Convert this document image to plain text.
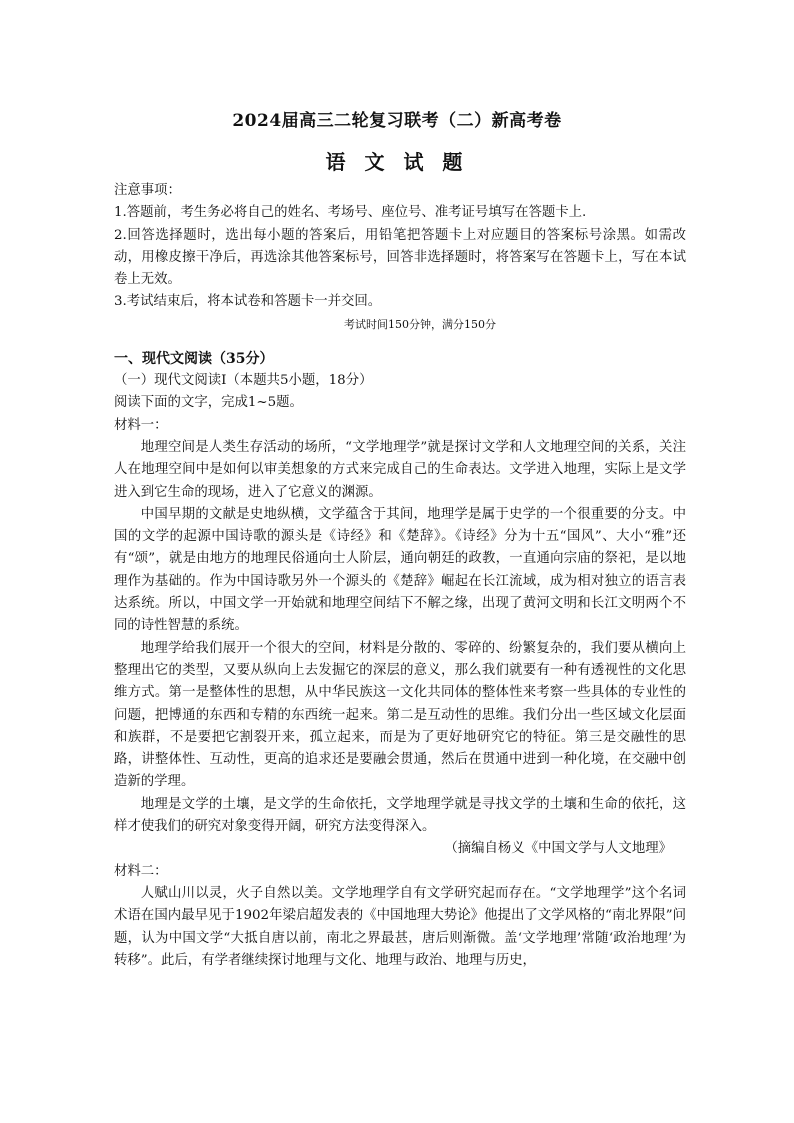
2024届高三二轮复习联考（二）新高考卷
语 文 试 题

注意事项：

1.答题前，考生务必将自己的姓名、考场号、座位号、准考证号填写在答题卡上.

2.回答选择题时，选出每小题的答案后，用铅笔把答题卡上对应题目的答案标号涂黑。如需改动，用橡皮擦干净后，再选涂其他答案标号，回答非选择题时，将答案写在答题卡上，写在本试卷上无效。

3.考试结束后，将本试卷和答题卡一并交回。

考试时间150分钟，满分150分

一、现代文阅读（35分）

（一）现代文阅读Ⅰ（本题共5小题，18分）

阅读下面的文字，完成1~5题。

材料一：

地理空间是人类生存活动的场所，“文学地理学”就是探讨文学和人文地理空间的关系，关注人在地理空间中是如何以审美想象的方式来完成自己的生命表达。文学进入地理，实际上是文学进入到它生命的现场，进入了它意义的渊源。

中国早期的文献是史地纵横，文学蕴含于其间，地理学是属于史学的一个很重要的分支。中国的文学的起源中国诗歌的源头是《诗经》和《楚辞》。《诗经》分为十五“国风”、大小“雅”还有“颂”，就是由地方的地理民俗通向士人阶层，通向朝廷的政教，一直通向宗庙的祭祀，是以地理作为基础的。作为中国诗歌另外一个源头的《楚辞》崛起在长江流域，成为相对独立的语言表达系统。所以，中国文学一开始就和地理空间结下不解之缘，出现了黄河文明和长江文明两个不同的诗性智慧的系统。

地理学给我们展开一个很大的空间，材料是分散的、零碎的、纷繁复杂的，我们要从横向上整理出它的类型，又要从纵向上去发掘它的深层的意义，那么我们就要有一种有透视性的文化思维方式。第一是整体性的思想，从中华民族这一文化共同体的整体性来考察一些具体的专业性的问题，把博通的东西和专精的东西统一起来。第二是互动性的思维。我们分出一些区域文化层面和族群，不是要把它割裂开来，孤立起来，而是为了更好地研究它的特征。第三是交融性的思路，讲整体性、互动性，更高的追求还是要融会贯通，然后在贯通中进到一种化境，在交融中创造新的学理。

地理是文学的土壤，是文学的生命依托，文学地理学就是寻找文学的土壤和生命的依托，这样才使我们的研究对象变得开阔，研究方法变得深入。

（摘编自杨义《中国文学与人文地理》

材料二：

人赋山川以灵，火子自然以美。文学地理学自有文学研究起而存在。“文学地理学”这个名词术语在国内最早见于1902年梁启超发表的《中国地理大势论》他提出了文学风格的“南北界限”问题，认为中国文学“大抵自唐以前，南北之界最甚，唐后则渐微。盖‘文学地理’常随‘政治地理’为转移”。此后，有学者继续探讨地理与文化、地理与政治、地理与历史，
